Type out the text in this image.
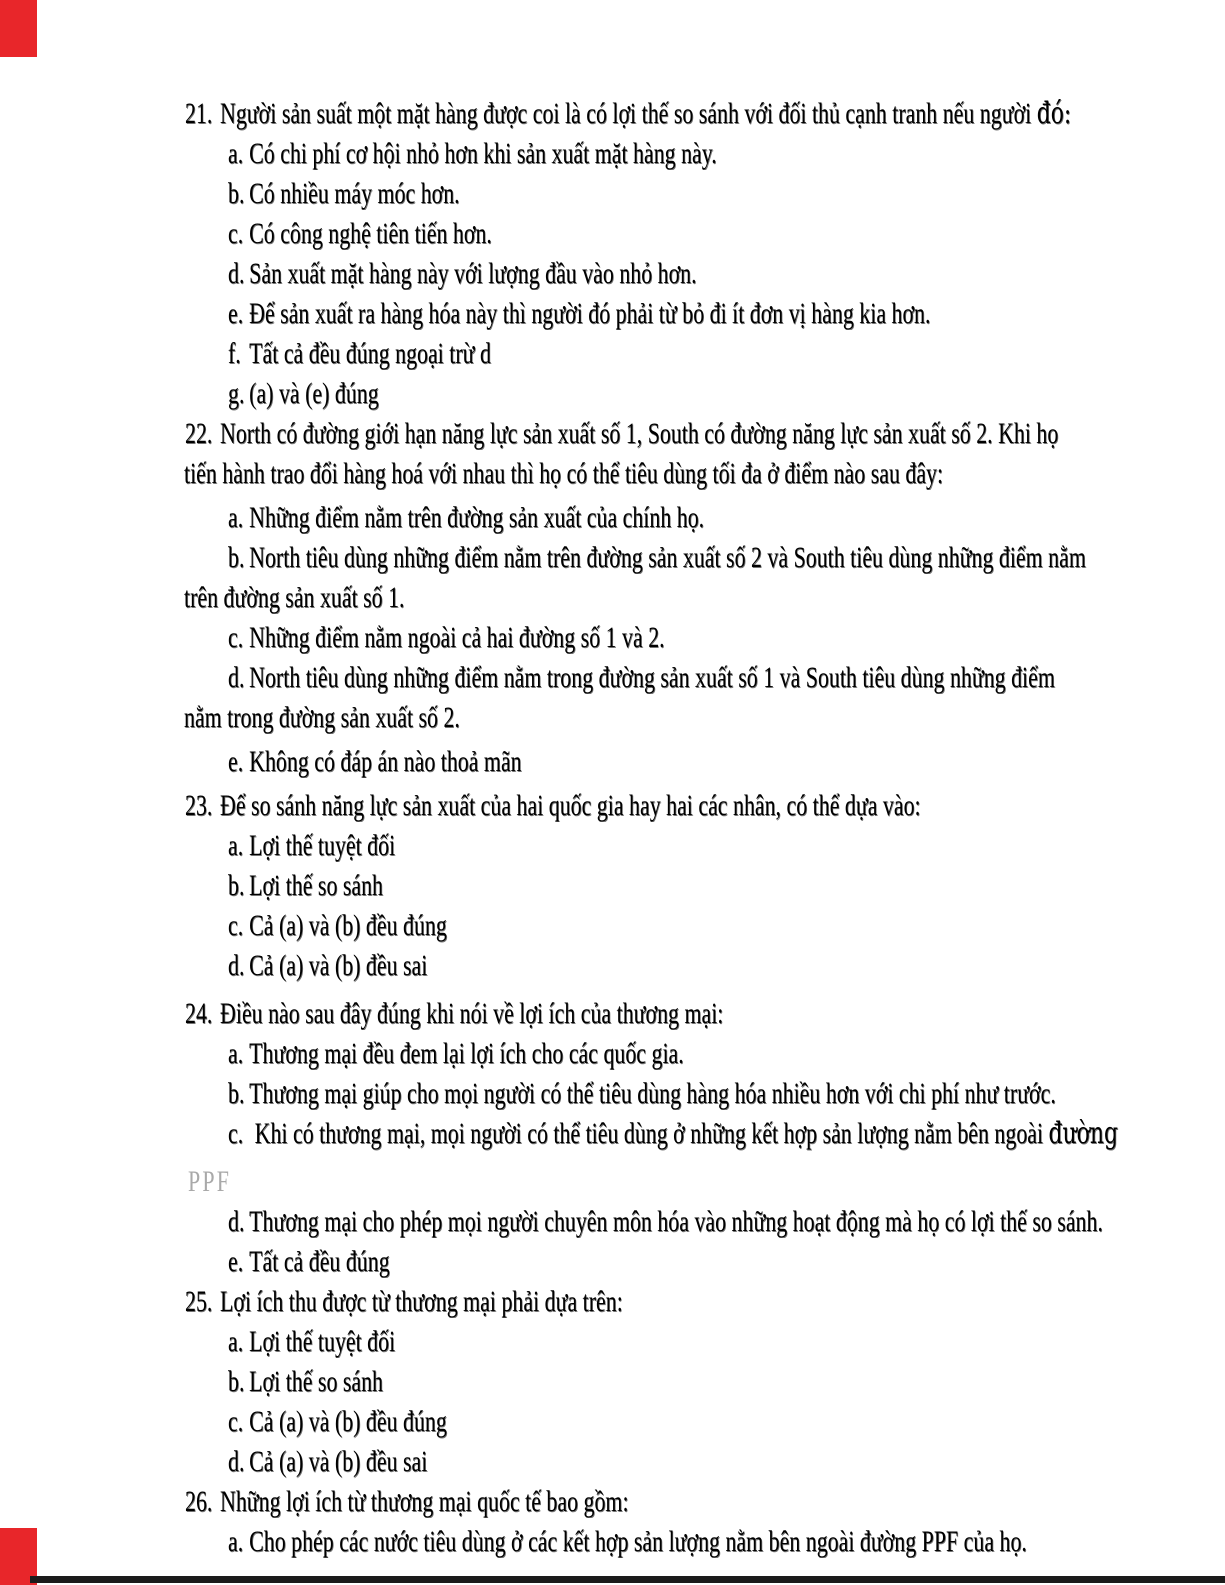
21. Người sản suất một mặt hàng được coi là có lợi thế so sánh với đối thủ cạnh tranh nếu người đó:
a. Có chi phí cơ hội nhỏ hơn khi sản xuất mặt hàng này.
b. Có nhiều máy móc hơn.
c. Có công nghệ tiên tiến hơn.
d. Sản xuất mặt hàng này với lượng đầu vào nhỏ hơn.
e. Để sản xuất ra hàng hóa này thì người đó phải từ bỏ đi ít đơn vị hàng kia hơn.
f. Tất cả đều đúng ngoại trừ d
g. (a) và (e) đúng
22. North có đường giới hạn năng lực sản xuất số 1, South có đường năng lực sản xuất số 2. Khi họ
tiến hành trao đổi hàng hoá với nhau thì họ có thể tiêu dùng tối đa ở điểm nào sau đây:
a. Những điểm nằm trên đường sản xuất của chính họ.
b. North tiêu dùng những điểm nằm trên đường sản xuất số 2 và South tiêu dùng những điểm nằm
trên đường sản xuất số 1.
c. Những điểm nằm ngoài cả hai đường số 1 và 2.
d. North tiêu dùng những điểm nằm trong đường sản xuất số 1 và South tiêu dùng những điểm
nằm trong đường sản xuất số 2.
e. Không có đáp án nào thoả mãn
23. Để so sánh năng lực sản xuất của hai quốc gia hay hai các nhân, có thể dựa vào:
a. Lợi thế tuyệt đối
b. Lợi thế so sánh
c. Cả (a) và (b) đều đúng
d. Cả (a) và (b) đều sai
24. Điều nào sau đây đúng khi nói về lợi ích của thương mại:
a. Thương mại đều đem lại lợi ích cho các quốc gia.
b. Thương mại giúp cho mọi người có thể tiêu dùng hàng hóa nhiều hơn với chi phí như trước.
c. Khi có thương mại, mọi người có thể tiêu dùng ở những kết hợp sản lượng nằm bên ngoài đường
PPF
d. Thương mại cho phép mọi người chuyên môn hóa vào những hoạt động mà họ có lợi thế so sánh.
e. Tất cả đều đúng
25. Lợi ích thu được từ thương mại phải dựa trên:
a. Lợi thế tuyệt đối
b. Lợi thế so sánh
c. Cả (a) và (b) đều đúng
d. Cả (a) và (b) đều sai
26. Những lợi ích từ thương mại quốc tế bao gồm:
a. Cho phép các nước tiêu dùng ở các kết hợp sản lượng nằm bên ngoài đường PPF của họ.
